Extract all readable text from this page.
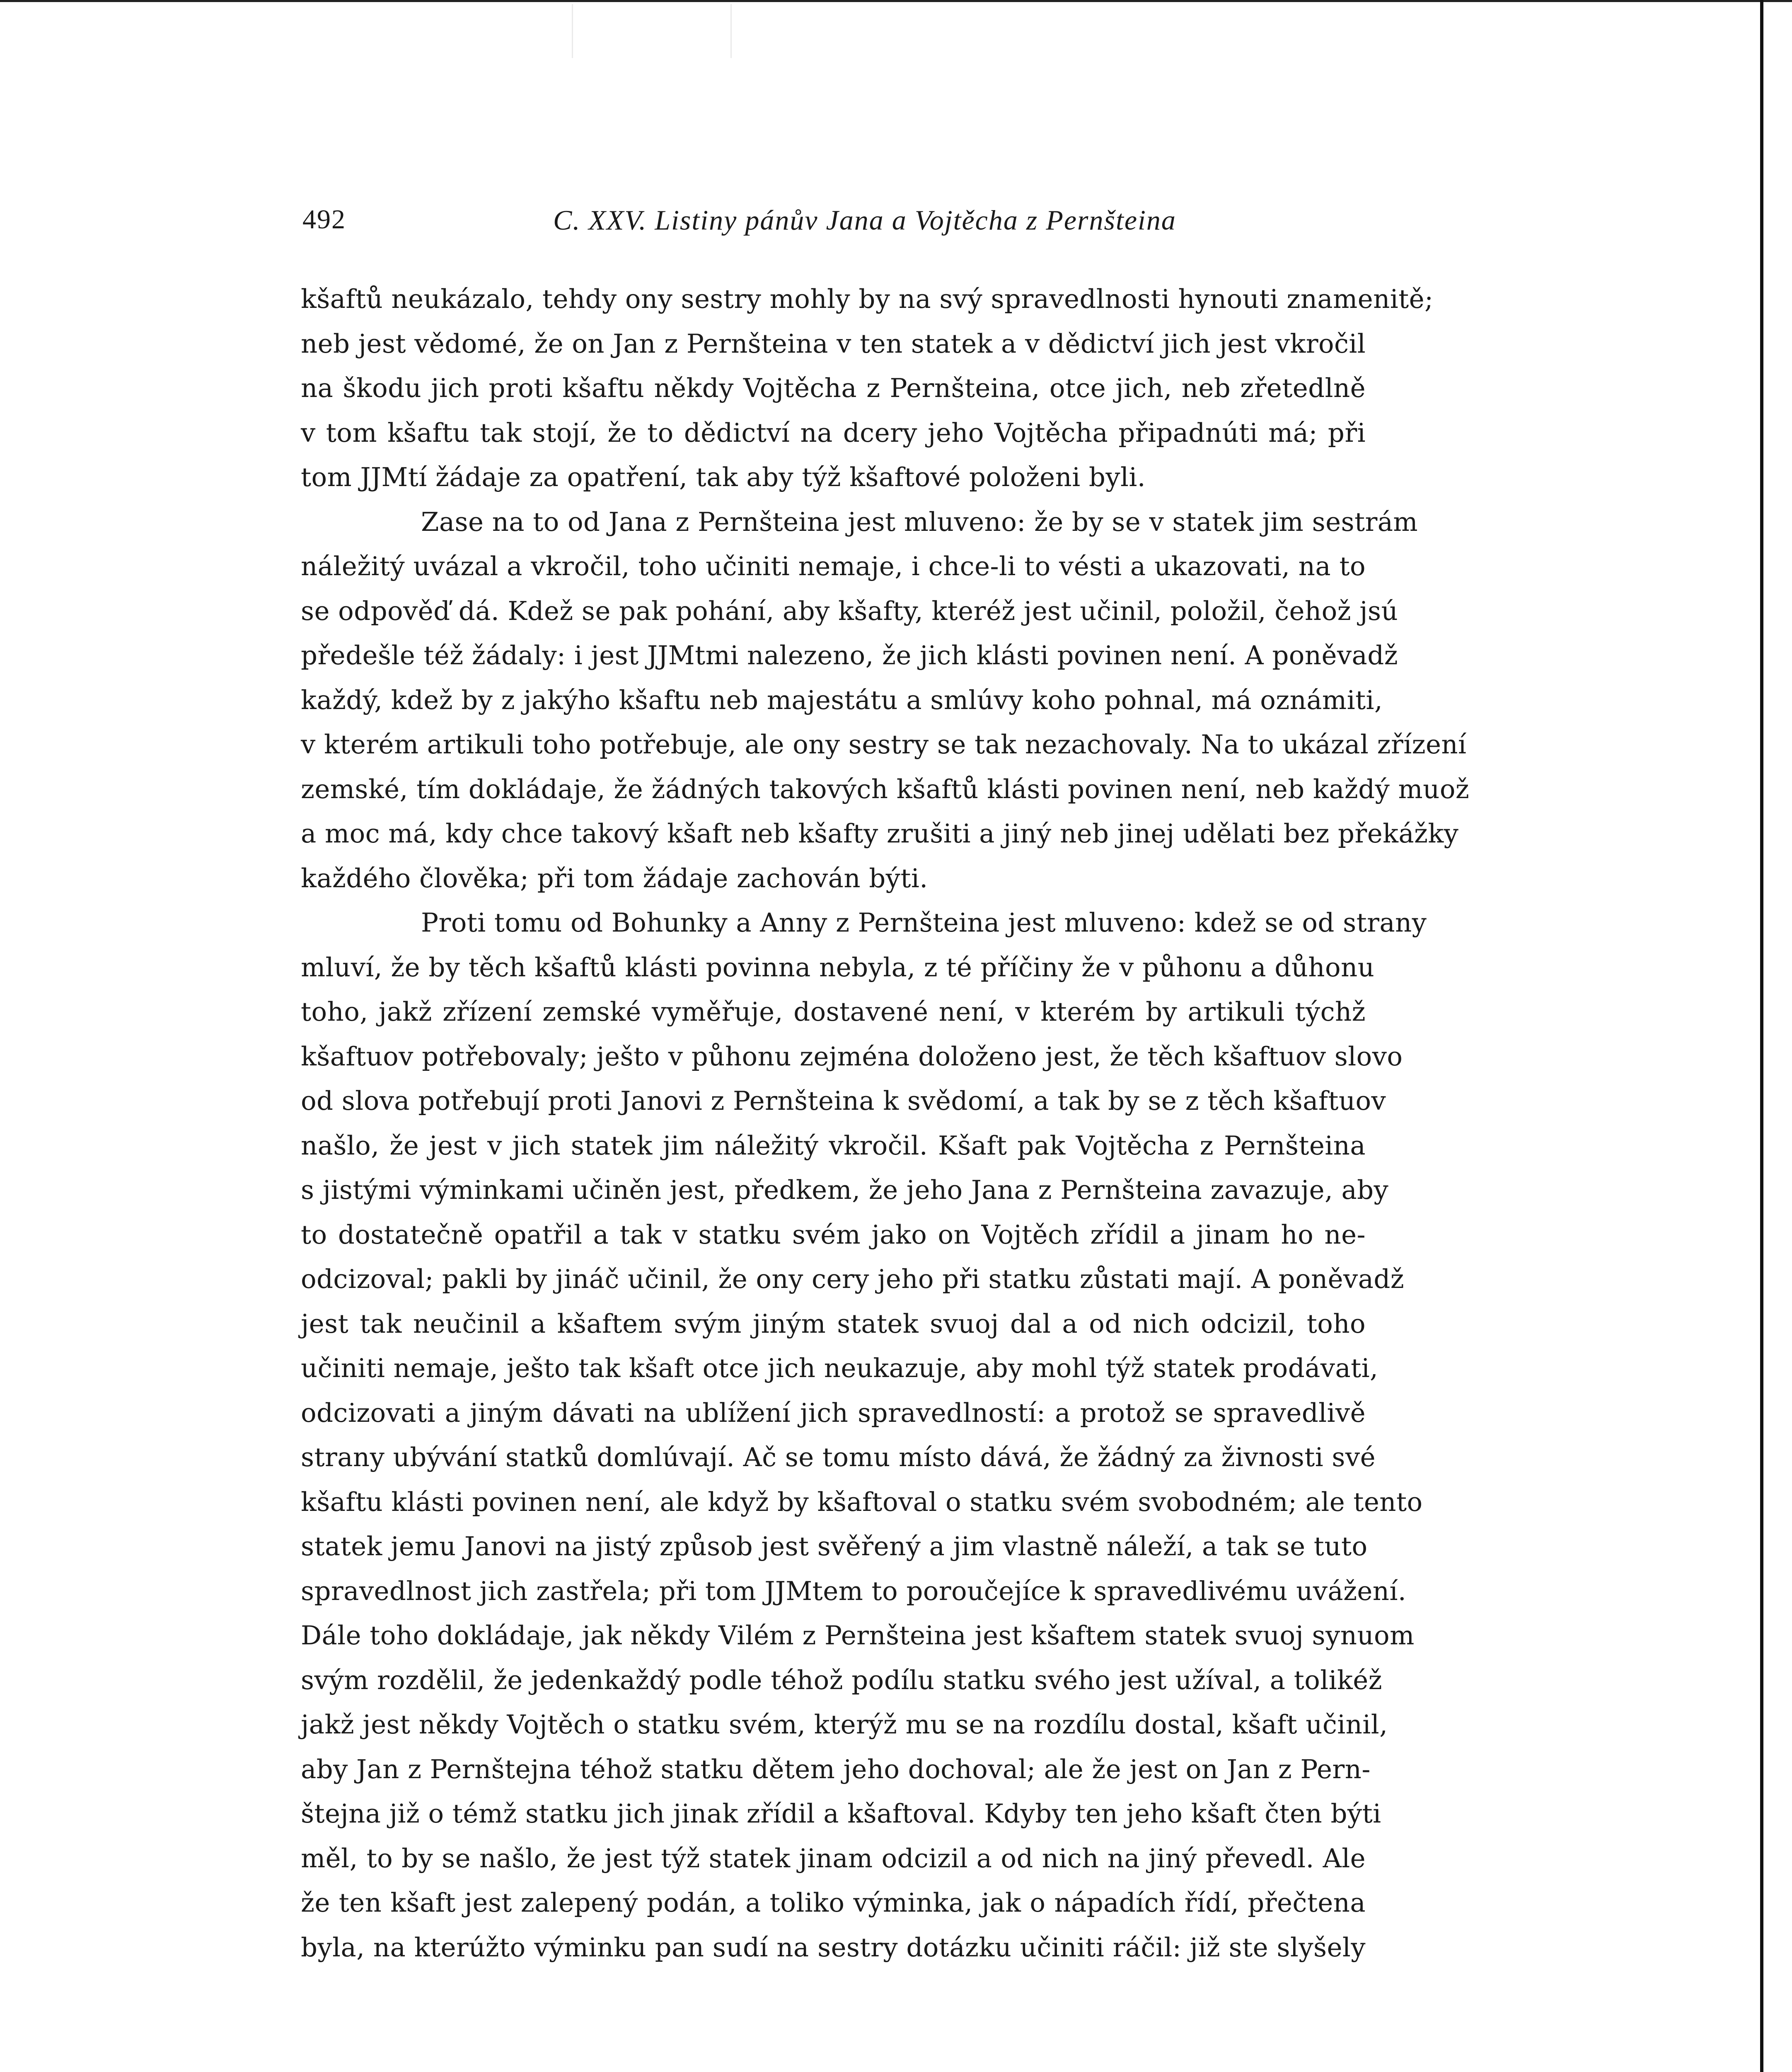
492	C. XXV. Listiny pánův Jana a Vojtěcha z Pernšteina
kšaftů neukázalo, tehdy ony sestry mohly by na svý spravedlnosti hynouti znamenitě;
neb jest vědomé, že on Jan z Pernšteina v ten statek a v dědictví jich jest vkročil
na škodu jich proti kšaftu někdy Vojtěcha z Pernšteina, otce jich, neb zřetedlně
v tom kšaftu tak stojí, že to dědictví na dcery jeho Vojtěcha připadnúti má; při
tom JJMtí žádaje za opatření, tak aby týž kšaftové položeni byli.
Zase na to od Jana z Pernšteina jest mluveno: že by se v statek jim sestrám
náležitý uvázal a vkročil, toho učiniti nemaje, i chce-li to vésti a ukazovati, na to
se odpověď dá. Kdež se pak pohání, aby kšafty, kteréž jest učinil, položil, čehož jsú
předešle též žádaly: i jest JJMtmi nalezeno, že jich klásti povinen není. A poněvadž
každý, kdež by z jakýho kšaftu neb majestátu a smlúvy koho pohnal, má oznámiti,
v kterém artikuli toho potřebuje, ale ony sestry se tak nezachovaly. Na to ukázal zřízení
zemské, tím dokládaje, že žádných takových kšaftů klásti povinen není, neb každý muož
a moc má, kdy chce takový kšaft neb kšafty zrušiti a jiný neb jinej udělati bez překážky
každého člověka; při tom žádaje zachován býti.
Proti tomu od Bohunky a Anny z Pernšteina jest mluveno: kdež se od strany
mluví, že by těch kšaftů klásti povinna nebyla, z té příčiny že v půhonu a důhonu
toho, jakž zřízení zemské vyměřuje, dostavené není, v kterém by artikuli týchž
kšaftuov potřebovaly; ješto v půhonu zejména doloženo jest, že těch kšaftuov slovo
od slova potřebují proti Janovi z Pernšteina k svědomí, a tak by se z těch kšaftuov
našlo, že jest v jich statek jim náležitý vkročil. Kšaft pak Vojtěcha z Pernšteina
s jistými výminkami učiněn jest, předkem, že jeho Jana z Pernšteina zavazuje, aby
to dostatečně opatřil a tak v statku svém jako on Vojtěch zřídil a jinam ho ne-
odcizoval; pakli by jináč učinil, že ony cery jeho při statku zůstati mají. A poněvadž
jest tak neučinil a kšaftem svým jiným statek svuoj dal a od nich odcizil, toho
učiniti nemaje, ješto tak kšaft otce jich neukazuje, aby mohl týž statek prodávati,
odcizovati a jiným dávati na ublížení jich spravedlností: a protož se spravedlivě
strany ubývání statků domlúvají. Ač se tomu místo dává, že žádný za živnosti své
kšaftu klásti povinen není, ale když by kšaftoval o statku svém svobodném; ale tento
statek jemu Janovi na jistý způsob jest svěřený a jim vlastně náleží, a tak se tuto
spravedlnost jich zastřela; při tom JJMtem to poroučejíce k spravedlivému uvážení.
Dále toho dokládaje, jak někdy Vilém z Pernšteina jest kšaftem statek svuoj synuom
svým rozdělil, že jedenkaždý podle téhož podílu statku svého jest užíval, a tolikéž
jakž jest někdy Vojtěch o statku svém, kterýž mu se na rozdílu dostal, kšaft učinil,
aby Jan z Pernštejna téhož statku dětem jeho dochoval; ale že jest on Jan z Pern-
štejna již o témž statku jich jinak zřídil a kšaftoval. Kdyby ten jeho kšaft čten býti
měl, to by se našlo, že jest týž statek jinam odcizil a od nich na jiný převedl. Ale
že ten kšaft jest zalepený podán, a toliko výminka, jak o nápadích řídí, přečtena
byla, na kterúžto výminku pan sudí na sestry dotázku učiniti ráčil: již ste slyšely
